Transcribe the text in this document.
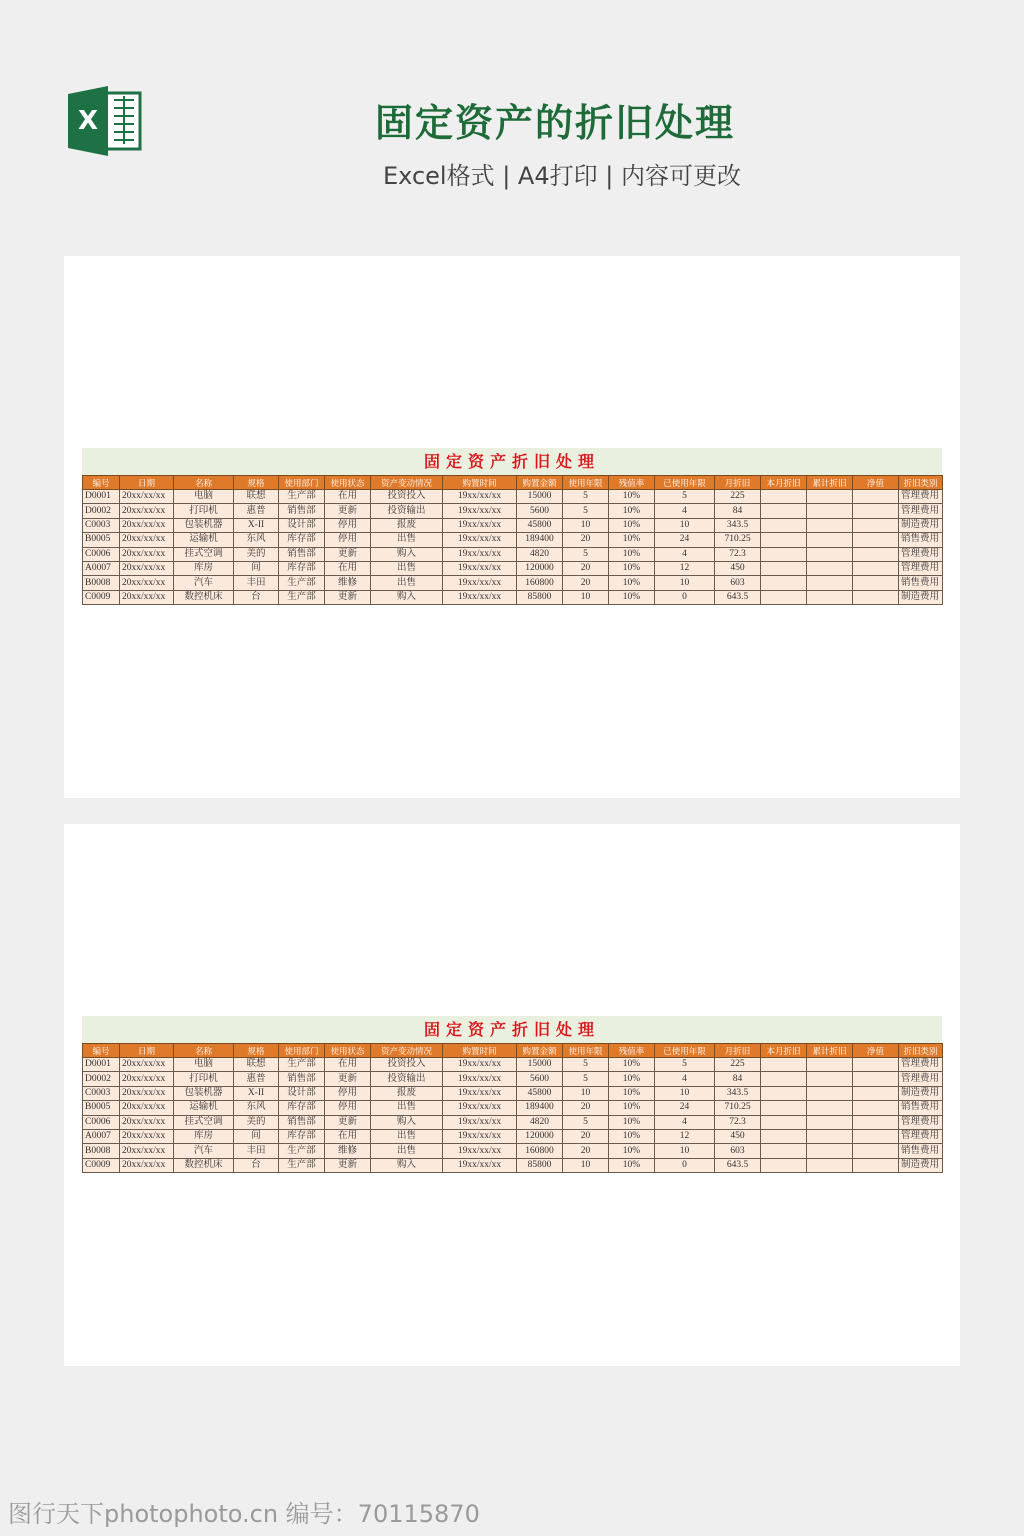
X	固定资产的折旧处理
Excel格式 | A4打印 | 内容可更改
固定资产折旧处理
编号	日期	名称	规格	使用部门	使用状态	资产变动情况	购置时间	购置金额	使用年限	残值率	已使用年限	月折旧	本月折旧	累计折旧	净值	折旧类别
D0001	20xx/xx/xx	电脑	联想	生产部	在用	投资投入	19xx/xx/xx	15000	5	10%	5	225				管理费用
D0002	20xx/xx/xx	打印机	惠普	销售部	更新	投资输出	19xx/xx/xx	5600	5	10%	4	84				管理费用
C0003	20xx/xx/xx	包装机器	X-II	设计部	停用	报废	19xx/xx/xx	45800	10	10%	10	343.5				制造费用
B0005	20xx/xx/xx	运输机	东风	库存部	停用	出售	19xx/xx/xx	189400	20	10%	24	710.25				销售费用
C0006	20xx/xx/xx	挂式空调	美的	销售部	更新	购入	19xx/xx/xx	4820	5	10%	4	72.3				管理费用
A0007	20xx/xx/xx	库房	间	库存部	在用	出售	19xx/xx/xx	120000	20	10%	12	450				管理费用
B0008	20xx/xx/xx	汽车	丰田	生产部	维修	出售	19xx/xx/xx	160800	20	10%	10	603				销售费用
C0009	20xx/xx/xx	数控机床	台	生产部	更新	购入	19xx/xx/xx	85800	10	10%	0	643.5				制造费用
固定资产折旧处理
编号	日期	名称	规格	使用部门	使用状态	资产变动情况	购置时间	购置金额	使用年限	残值率	已使用年限	月折旧	本月折旧	累计折旧	净值	折旧类别
D0001	20xx/xx/xx	电脑	联想	生产部	在用	投资投入	19xx/xx/xx	15000	5	10%	5	225				管理费用
D0002	20xx/xx/xx	打印机	惠普	销售部	更新	投资输出	19xx/xx/xx	5600	5	10%	4	84				管理费用
C0003	20xx/xx/xx	包装机器	X-II	设计部	停用	报废	19xx/xx/xx	45800	10	10%	10	343.5				制造费用
B0005	20xx/xx/xx	运输机	东风	库存部	停用	出售	19xx/xx/xx	189400	20	10%	24	710.25				销售费用
C0006	20xx/xx/xx	挂式空调	美的	销售部	更新	购入	19xx/xx/xx	4820	5	10%	4	72.3				管理费用
A0007	20xx/xx/xx	库房	间	库存部	在用	出售	19xx/xx/xx	120000	20	10%	12	450				管理费用
B0008	20xx/xx/xx	汽车	丰田	生产部	维修	出售	19xx/xx/xx	160800	20	10%	10	603				销售费用
C0009	20xx/xx/xx	数控机床	台	生产部	更新	购入	19xx/xx/xx	85800	10	10%	0	643.5				制造费用
图行天下photophoto.cn 编号：70115870
